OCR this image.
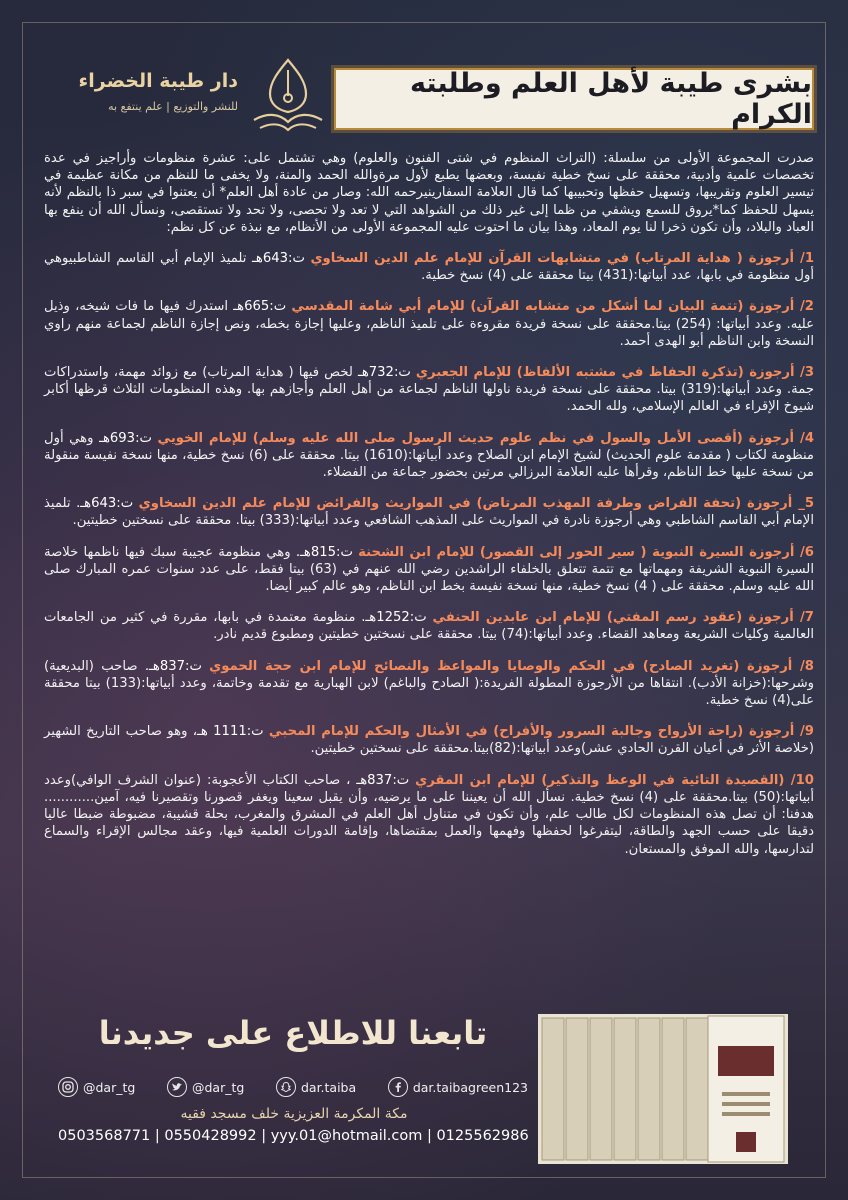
دار طيبة الخضراء
للنشر والتوزيع | علم ينتفع به
بشرى طيبة لأهل العلم وطلبته الكرام

صدرت المجموعة الأولى من سلسلة: (التراث المنظوم في شتى الفنون والعلوم) وهي تشتمل على: عشرة منظومات وأراجيز في عدة تخصصات علمية وأدبية، محققة على نسخ خطية نفيسة، وبعضها يطبع لأول مرةوالله الحمد والمنة، ولا يخفى ما للنظم من مكانة عظيمة في تيسير العلوم وتقريبها، وتسهيل حفظها وتحبيبها كما قال العلامة السفارينيرحمه الله: وصار من عادة أهل العلم* أن يعتنوا في سبر ذا بالنظم لأنه يسهل للحفظ كما*يروق للسمع ويشفي من ظما إلى غير ذلك من الشواهد التي لا تعد ولا تحصى، ولا تحد ولا تستقصى، ونسأل الله أن ينفع بها العباد والبلاد، وأن تكون ذخرا لنا يوم المعاد، وهذا بيان ما احتوت عليه المجموعة الأولى من الأنظام، مع نبذة عن كل نظم:

1/ أرجوزة ( هداية المرتاب) في متشابهات القرآن للإمام علم الدين السخاوي ت:643هـ تلميذ الإمام أبي القاسم الشاطبيوهي أول منظومة في بابها، عدد أبياتها:(431) بيتا محققة على (4) نسخ خطية.

2/ أرجوزة (تتمة البيان لما أشكل من متشابه القرآن) للإمام أبي شامة المقدسي ت:665هـ استدرك فيها ما فات شيخه، وذيل عليه. وعدد أبياتها: (254) بيتا.محققة على نسخة فريدة مقروءة على تلميذ الناظم، وعليها إجازة بخطه، ونص إجازة الناظم لجماعة منهم راوي النسخة وابن الناظم أبو الهدى أحمد.

3/ أرجوزة (تذكرة الحفاظ في مشتبه الألفاظ) للإمام الجعبري ت:732هـ لخص فيها ( هداية المرتاب) مع زوائد مهمة، واستدراكات جمة. وعدد أبياتها:(319) بيتا. محققة على نسخة فريدة ناولها الناظم لجماعة من أهل العلم وأجازهم بها. وهذه المنظومات الثلاث قرظها أكابر شيوخ الإقراء في العالم الإسلامي، ولله الحمد.

4/ أرجوزة (أقصى الأمل والسول في نظم علوم حديث الرسول صلى الله عليه وسلم) للإمام الخويي ت:693هـ وهي أول منظومة لكتاب ( مقدمة علوم الحديث) لشيخ الإمام ابن الصلاح وعدد أبياتها:(1610) بيتا. محققة على (6) نسخ خطية، منها نسخة نفيسة منقولة من نسخة عليها خط الناظم، وقرأها عليه العلامة البرزالي مرتين بحضور جماعة من الفضلاء.

5_ أرجوزة (تحفة الفراض وطرفة المهذب المرتاض) في المواريث والفرائض للإمام علم الدين السخاوي ت:643هـ. تلميذ الإمام أبي القاسم الشاطبي وهي أرجوزة نادرة في المواريث على المذهب الشافعي وعدد أبياتها:(333) بيتا. محققة على نسختين خطيتين.

6/ أرجوزة السيرة النبوية ( سير الحور إلى القصور) للإمام ابن الشحنة ت:815هـ. وهي منظومة عجيبة سبك فيها ناظمها خلاصة السيرة النبوية الشريفة ومهماتها مع تتمة تتعلق بالخلفاء الراشدين رضي الله عنهم في (63) بيتا فقط، على عدد سنوات عمره المبارك صلى الله عليه وسلم. محققة على ( 4) نسخ خطية، منها نسخة نفيسة بخط ابن الناظم، وهو عالم كبير أيضا.

7/ أرجوزة (عقود رسم المفتي) للإمام ابن عابدين الحنفي ت:1252هـ. منظومة معتمدة في بابها، مقررة في كثير من الجامعات العالمية وكليات الشريعة ومعاهد القضاء. وعدد أبياتها:(74) بيتا. محققة على نسختين خطيتين ومطبوع قديم نادر.

8/ أرجوزة (تغريد الصادح) في الحكم والوصايا والمواعظ والنصائح للإمام ابن حجة الحموي ت:837هـ. صاحب (البديعية) وشرحها:(خزانة الأدب). انتقاها من الأرجوزة المطولة الفريدة:( الصادح والباغم) لابن الهبارية مع تقدمة وخاتمة، وعدد أبياتها:(133) بيتا محققة على(4) نسخ خطية.

9/ أرجوزة (راحة الأرواح وجالبة السرور والأفراح) في الأمثال والحكم للإمام المحبي ت:1111 هـ، وهو صاحب التاريخ الشهير (خلاصة الأثر في أعيان القرن الحادي عشر)وعدد أبياتها:(82)بيتا.محققة على نسختين خطيتين.

10/ (القصيدة التائية في الوعظ والتذكير) للإمام ابن المقري ت:837هـ ، صاحب الكتاب الأعجوبة: (عنوان الشرف الوافي)وعدد أبياتها:(50) بيتا.محققة على (4) نسخ خطية. نسأل الله أن يعيننا على ما يرضيه، وأن يقبل سعينا ويغفر قصورنا وتقصيرنا فيه، آمين............ هدفنا: أن تصل هذه المنظومات لكل طالب علم، وأن تكون في متناول أهل العلم في المشرق والمغرب، بحلة قشيبة، مضبوطة ضبطا عاليا دقيقا على حسب الجهد والطاقة، ليتفرغوا لحفظها وفهمها والعمل بمقتضاها، وإقامة الدورات العلمية فيها، وعقد مجالس الإقراء والسماع لتدارسها، والله الموفق والمستعان.

تابعنا للاطلاع على جديدنا
@dar_tg	@dar_tg	dar.taiba	dar.taibagreen123
مكة المكرمة العزيزية خلف مسجد فقيه
0503568771 | 0550428992 | yyy.01@hotmail.com | 0125562986
